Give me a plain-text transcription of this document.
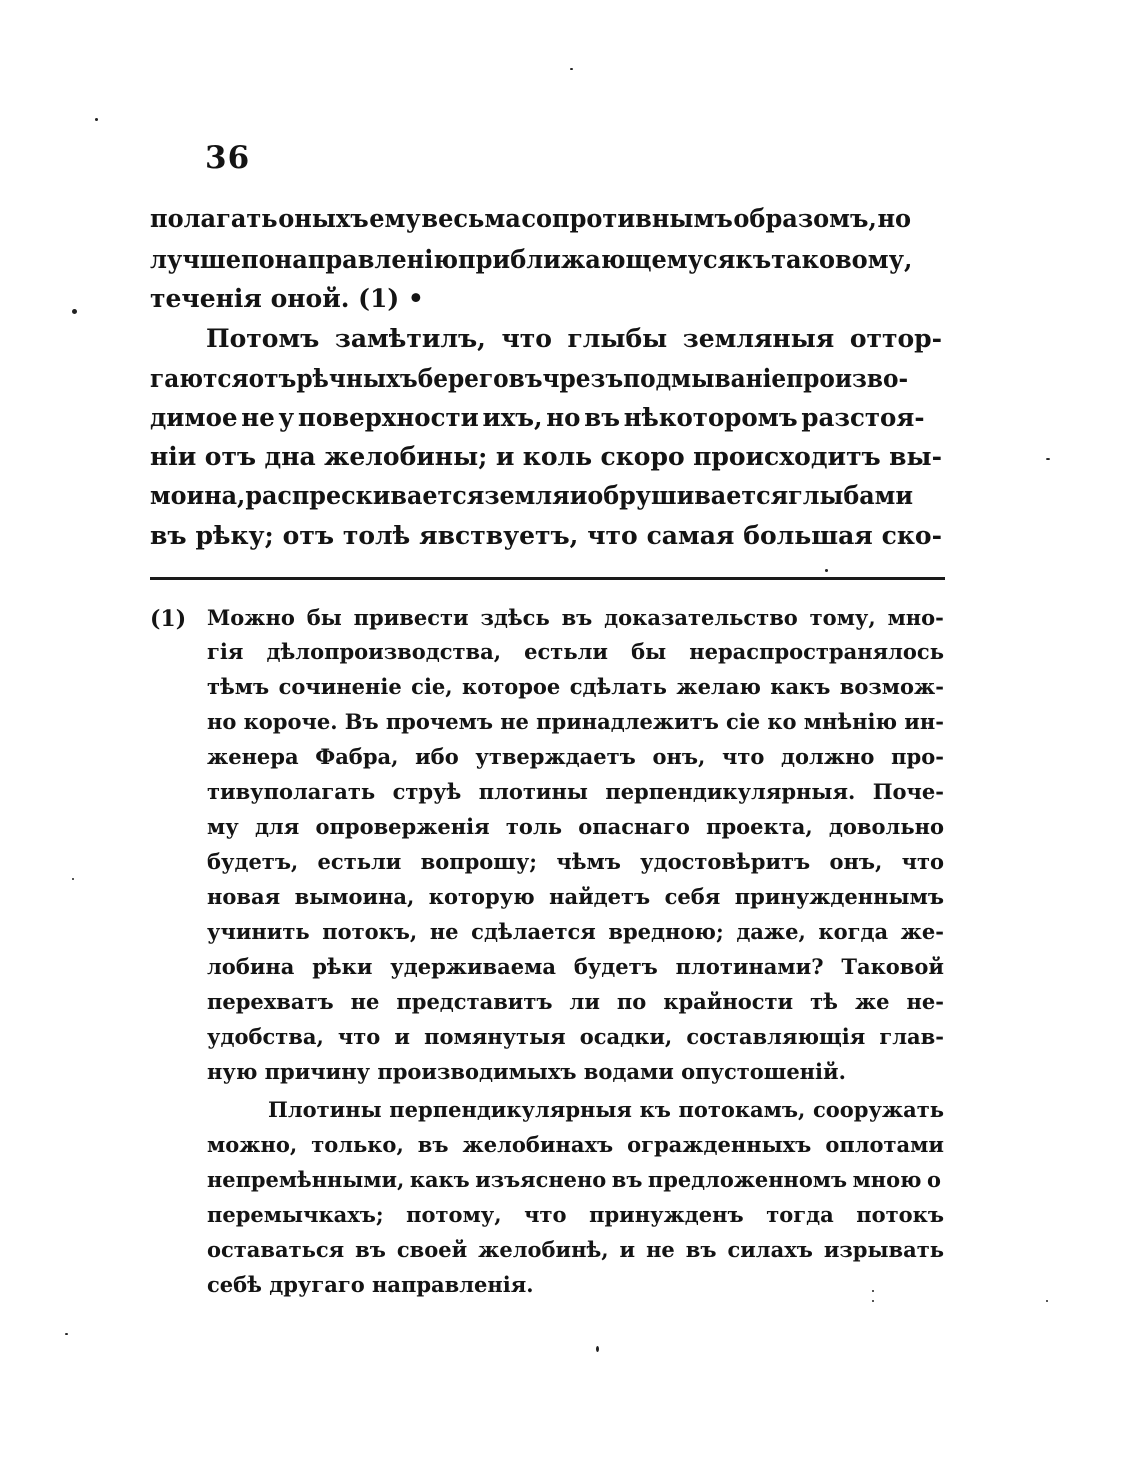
36
полагать оныхъ ему весьма сопротивнымъ образомъ, но
лучше по направленію приближающемуся къ таковому,
теченія оной. (1) •
Потомъ замѣтилъ, что глыбы земляныя оттор-
гаются отъ рѣчныхъ береговъ чрезъ подмываніе произво-
димое не у поверхности ихъ, но въ нѣкоторомъ разстоя-
ніи отъ дна желобины; и коль скоро происходитъ вы-
моина, распрескивается земля и обрушивается глыбами
въ рѣку; отъ толѣ явствуетъ, что самая большая ско-
(1) Можно бы привести здѣсь въ доказательство тому, мно-
гія дѣлопроизводства, естьли бы нераспространялось
тѣмъ сочиненіе сіе, которое сдѣлать желаю какъ возмож-
но короче. Въ прочемъ не принадлежитъ сіе ко мнѣнію ин-
женера Фабра, ибо утверждаетъ онъ, что должно про-
тивуполагать струѣ плотины перпендикулярныя. Поче-
му для опроверженія толь опаснаго проекта, довольно
будетъ, естьли вопрошу; чѣмъ удостовѣритъ онъ, что
новая вымоина, которую найдетъ себя принужденнымъ
учинить потокъ, не сдѣлается вредною; даже, когда же-
лобина рѣки удерживаема будетъ плотинами? Таковой
перехватъ не представитъ ли по крайности тѣ же не-
удобства, что и помянутыя осадки, составляющія глав-
ную причину производимыхъ водами опустошеній.
Плотины перпендикулярныя къ потокамъ, сооружать
можно, только, въ желобинахъ огражденныхъ оплотами
непремѣнными, какъ изъяснено въ предложенномъ мною о
перемычкахъ; потому, что принужденъ тогда потокъ
оставаться въ своей желобинѣ, и не въ силахъ изрывать
себѣ другаго направленія.
